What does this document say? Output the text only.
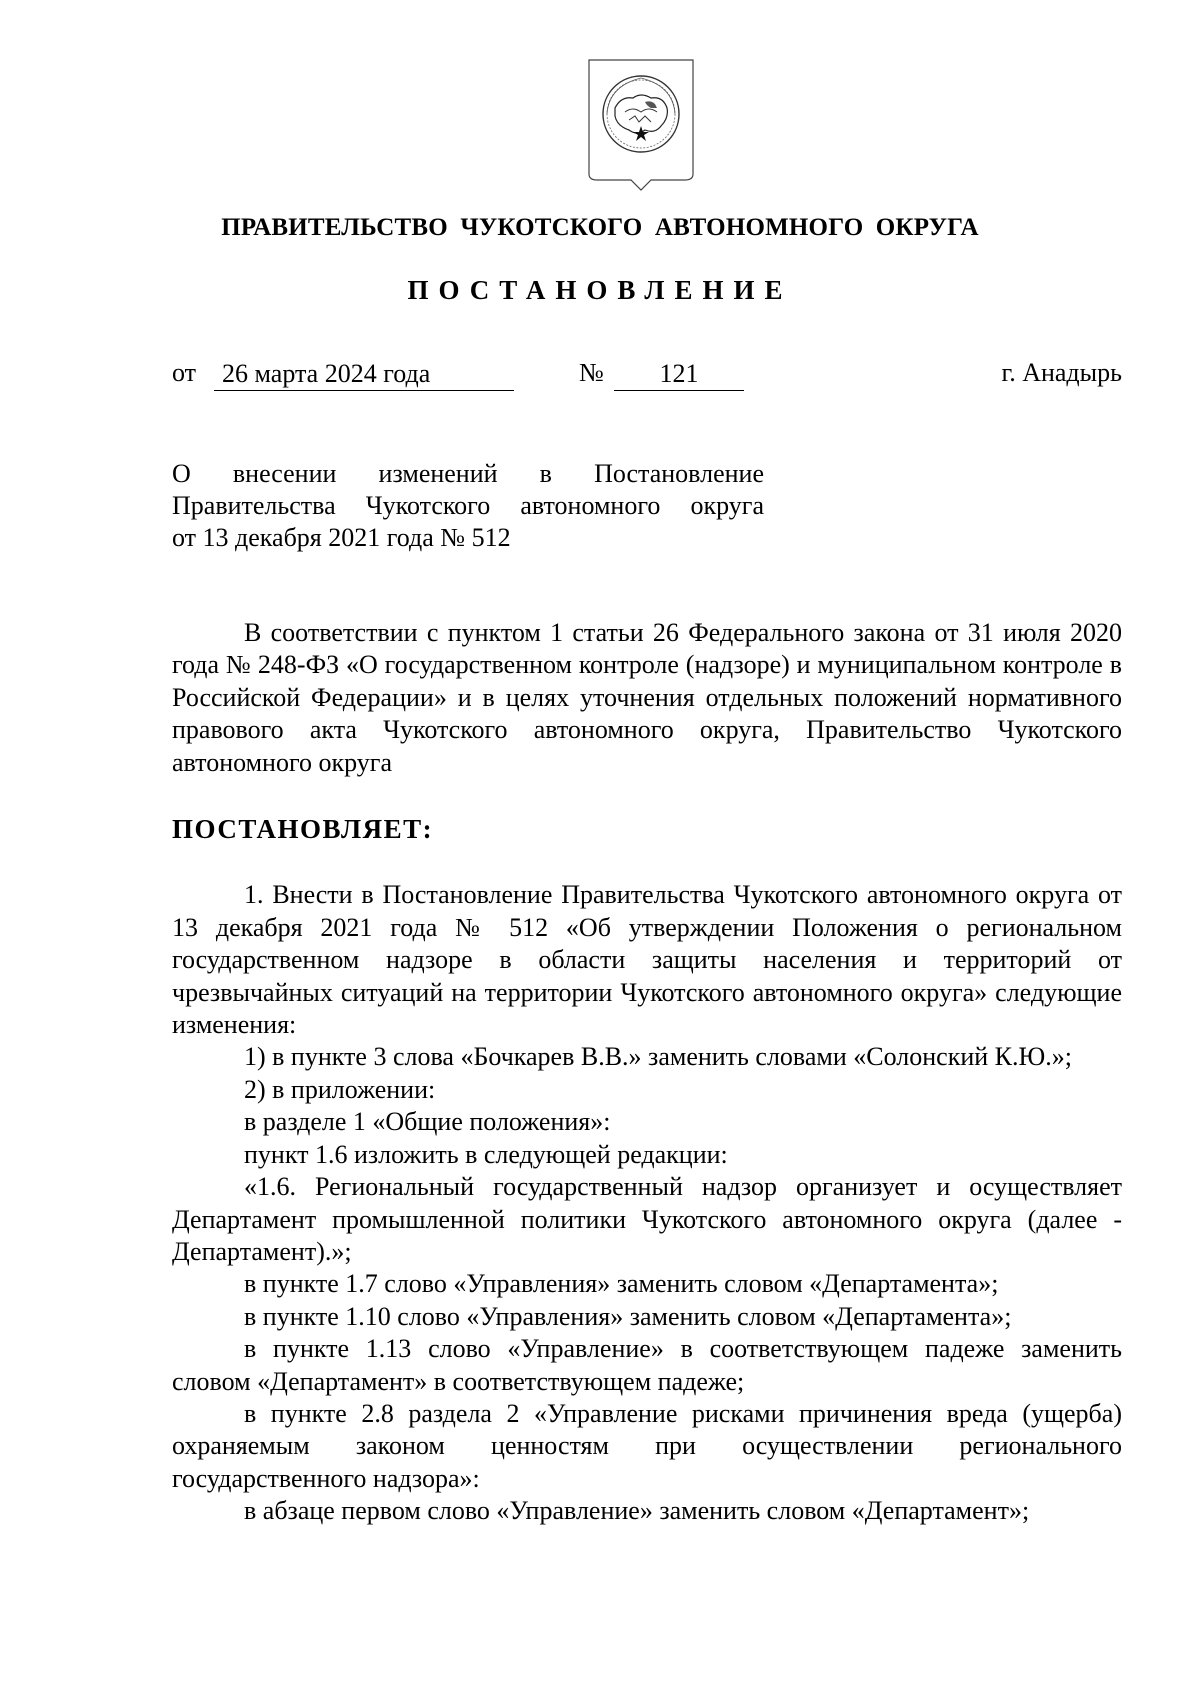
ПРАВИТЕЛЬСТВО ЧУКОТСКОГО АВТОНОМНОГО ОКРУГА
ПОСТАНОВЛЕНИЕ
от 26 марта 2024 года	№	121	г. Анадырь
О внесении изменений в Постановление
Правительства Чукотского автономного округа
от 13 декабря 2021 года № 512

В соответствии с пунктом 1 статьи 26 Федерального закона от 31 июля 2020 года № 248-ФЗ «О государственном контроле (надзоре) и муниципальном контроле в Российской Федерации» и в целях уточнения отдельных положений нормативного правового акта Чукотского автономного округа, Правительство Чукотского автономного округа

ПОСТАНОВЛЯЕТ:

1. Внести в Постановление Правительства Чукотского автономного округа от 13 декабря 2021 года № 512 «Об утверждении Положения о региональном государственном надзоре в области защиты населения и территорий от чрезвычайных ситуаций на территории Чукотского автономного округа» следующие изменения:

1) в пункте 3 слова «Бочкарев В.В.» заменить словами «Солонский К.Ю.»;

2) в приложении:

в разделе 1 «Общие положения»:

пункт 1.6 изложить в следующей редакции:

«1.6. Региональный государственный надзор организует и осуществляет Департамент промышленной политики Чукотского автономного округа (далее - Департамент).»;

в пункте 1.7 слово «Управления» заменить словом «Департамента»;

в пункте 1.10 слово «Управления» заменить словом «Департамента»;

в пункте 1.13 слово «Управление» в соответствующем падеже заменить словом «Департамент» в соответствующем падеже;

в пункте 2.8 раздела 2 «Управление рисками причинения вреда (ущерба) охраняемым законом ценностям при осуществлении регионального государственного надзора»:

в абзаце первом слово «Управление» заменить словом «Департамент»;
